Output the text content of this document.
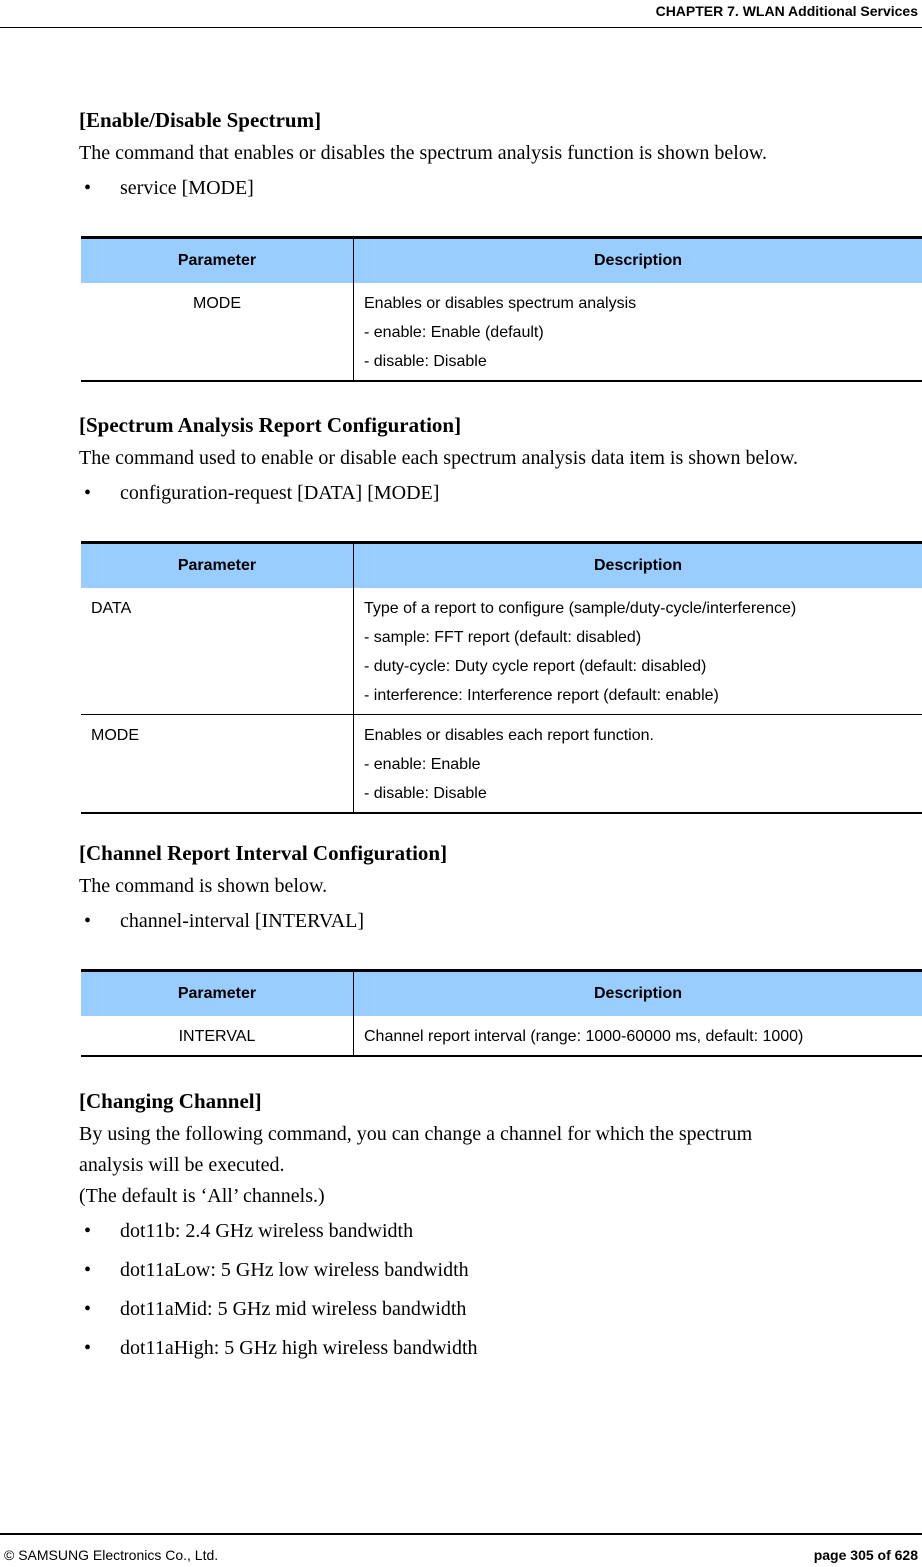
CHAPTER 7. WLAN Additional Services
[Enable/Disable Spectrum]
The command that enables or disables the spectrum analysis function is shown below.
• service [MODE]
Parameter	Description
MODE	Enables or disables spectrum analysis
- enable: Enable (default)
- disable: Disable
[Spectrum Analysis Report Configuration]
The command used to enable or disable each spectrum analysis data item is shown below.
• configuration-request [DATA] [MODE]
Parameter	Description
DATA	Type of a report to configure (sample/duty-cycle/interference)
- sample: FFT report (default: disabled)
- duty-cycle: Duty cycle report (default: disabled)
- interference: Interference report (default: enable)

MODE	Enables or disables each report function.
- enable: Enable
- disable: Disable
[Channel Report Interval Configuration]
The command is shown below.
• channel-interval [INTERVAL]
Parameter	Description
INTERVAL	Channel report interval (range: 1000-60000 ms, default: 1000)
[Changing Channel]
By using the following command, you can change a channel for which the spectrum
analysis will be executed.
(The default is ‘All’ channels.)
• dot11b: 2.4 GHz wireless bandwidth
• dot11aLow: 5 GHz low wireless bandwidth
• dot11aMid: 5 GHz mid wireless bandwidth
• dot11aHigh: 5 GHz high wireless bandwidth
© SAMSUNG Electronics Co., Ltd.	page 305 of 628
